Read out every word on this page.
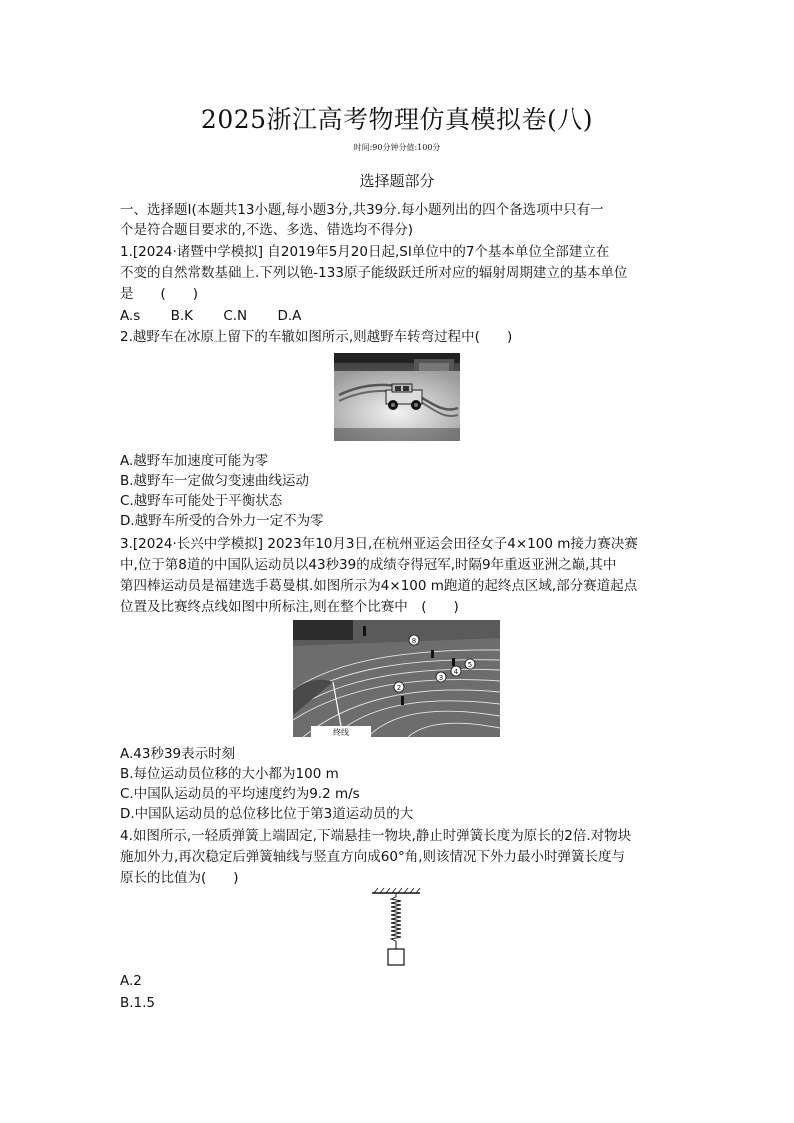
2025浙江高考物理仿真模拟卷(八)
时间:90分钟分值:100分
选择题部分
一、选择题Ⅰ(本题共13小题,每小题3分,共39分.每小题列出的四个备选项中只有一
个是符合题目要求的,不选、多选、错选均不得分)
1.[2024·诸暨中学模拟] 自2019年5月20日起,SI单位中的7个基本单位全部建立在
不变的自然常数基础上.下列以铯-133原子能级跃迁所对应的辐射周期建立的基本单位
是　　(　　)
A.s B.K C.N D.A
2.越野车在冰原上留下的车辙如图所示,则越野车转弯过程中(　　)
A.越野车加速度可能为零
B.越野车一定做匀变速曲线运动
C.越野车可能处于平衡状态
D.越野车所受的合外力一定不为零
3.[2024·长兴中学模拟] 2023年10月3日,在杭州亚运会田径女子4×100 m接力赛决赛
中,位于第8道的中国队运动员以43秒39的成绩夺得冠军,时隔9年重返亚洲之巅,其中
第四棒运动员是福建选手葛曼棋.如图所示为4×100 m跑道的起终点区域,部分赛道起点
位置及比赛终点线如图中所标注,则在整个比赛中　(　　)
终线
8
5
4
3
2
A.43秒39表示时刻
B.每位运动员位移的大小都为100 m
C.中国队运动员的平均速度约为9.2 m/s
D.中国队运动员的总位移比位于第3道运动员的大
4.如图所示,一轻质弹簧上端固定,下端悬挂一物块,静止时弹簧长度为原长的2倍.对物块
施加外力,再次稳定后弹簧轴线与竖直方向成60°角,则该情况下外力最小时弹簧长度与
原长的比值为(　　)
A.2
B.1.5
